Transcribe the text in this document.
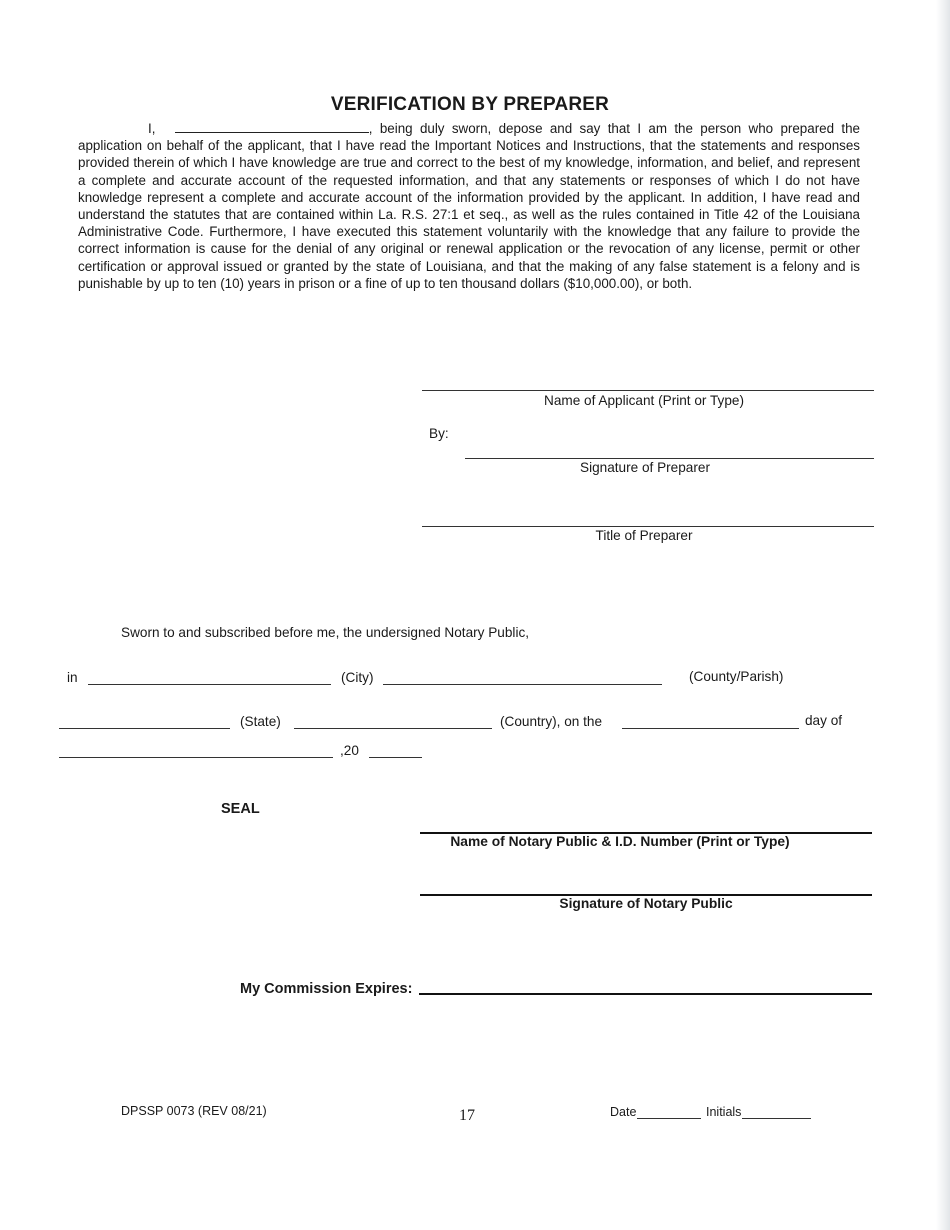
VERIFICATION BY PREPARER

I,	, being duly sworn, depose and say that I am the person who prepared the application on behalf of the applicant, that I have read the Important Notices and Instructions, that the statements and responses provided therein of which I have knowledge are true and correct to the best of my knowledge, information, and belief, and represent a complete and accurate account of the requested information, and that any statements or responses of which I do not have knowledge represent a complete and accurate account of the information provided by the applicant. In addition, I have read and understand the statutes that are contained within La. R.S. 27:1 et seq., as well as the rules contained in Title 42 of the Louisiana Administrative Code. Furthermore, I have executed this statement voluntarily with the knowledge that any failure to provide the correct information is cause for the denial of any original or renewal application or the revocation of any license, permit or other certification or approval issued or granted by the state of Louisiana, and that the making of any false statement is a felony and is punishable by up to ten (10) years in prison or a fine of up to ten thousand dollars ($10,000.00), or both.

Name of Applicant (Print or Type)
By:
Signature of Preparer
Title of Preparer
Sworn to and subscribed before me, the undersigned Notary Public,
in	(City)	(County/Parish)
(State)	(Country), on the	day of
,20
SEAL
Name of Notary Public & I.D. Number (Print or Type)
Signature of Notary Public
My Commission Expires:
DPSSP 0073 (REV 08/21)	17	Date	Initials
